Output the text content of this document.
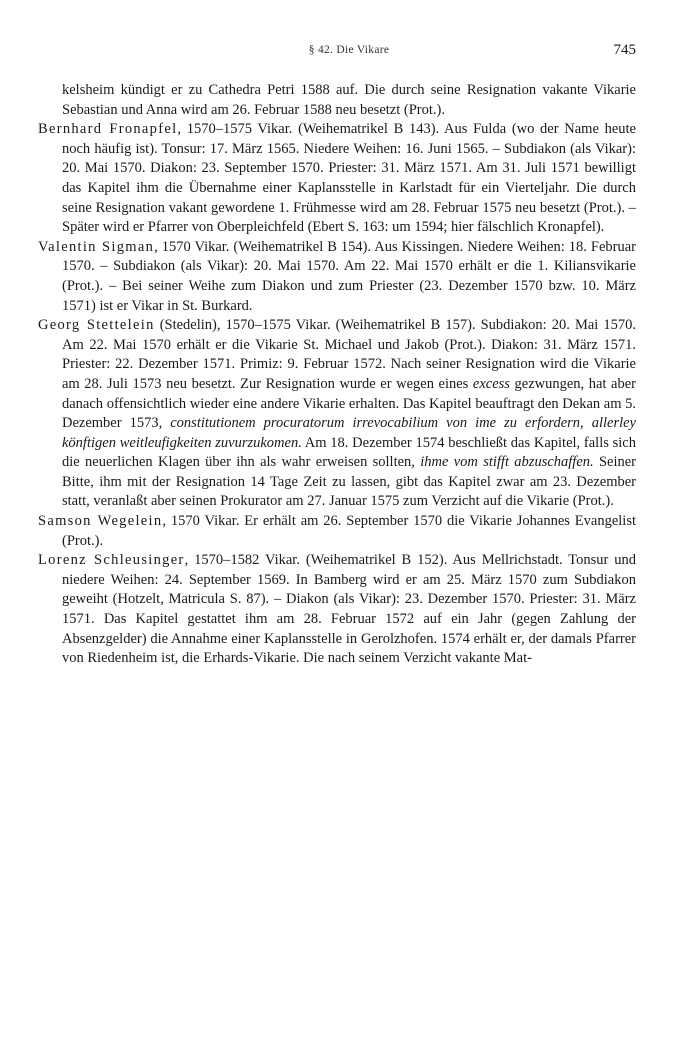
§ 42. Die Vikare	745

kelsheim kündigt er zu Cathedra Petri 1588 auf. Die durch seine Resignation vakante Vikarie Sebastian und Anna wird am 26. Februar 1588 neu besetzt (Prot.).

Bernhard Fronapfel, 1570–1575 Vikar. (Weihematrikel B 143). Aus Fulda (wo der Name heute noch häufig ist). Tonsur: 17. März 1565. Niedere Weihen: 16. Juni 1565. – Subdiakon (als Vikar): 20. Mai 1570. Diakon: 23. September 1570. Priester: 31. März 1571. Am 31. Juli 1571 bewilligt das Kapitel ihm die Übernahme einer Kaplansstelle in Karlstadt für ein Vierteljahr. Die durch seine Resignation vakant gewordene 1. Frühmesse wird am 28. Februar 1575 neu besetzt (Prot.). – Später wird er Pfarrer von Oberpleichfeld (Ebert S. 163: um 1594; hier fälschlich Kronapfel).

Valentin Sigman, 1570 Vikar. (Weihematrikel B 154). Aus Kissingen. Niedere Weihen: 18. Februar 1570. – Subdiakon (als Vikar): 20. Mai 1570. Am 22. Mai 1570 erhält er die 1. Kiliansvikarie (Prot.). – Bei seiner Weihe zum Diakon und zum Priester (23. Dezember 1570 bzw. 10. März 1571) ist er Vikar in St. Burkard.

Georg Stettelein (Stedelin), 1570–1575 Vikar. (Weihematrikel B 157). Subdiakon: 20. Mai 1570. Am 22. Mai 1570 erhält er die Vikarie St. Michael und Jakob (Prot.). Diakon: 31. März 1571. Priester: 22. Dezember 1571. Primiz: 9. Februar 1572. Nach seiner Resignation wird die Vikarie am 28. Juli 1573 neu besetzt. Zur Resignation wurde er wegen eines excess gezwungen, hat aber danach offensichtlich wieder eine andere Vikarie erhalten. Das Kapitel beauftragt den Dekan am 5. Dezember 1573, constitutionem procuratorum irrevocabilium von ime zu erfordern, allerley könftigen weitleufigkeiten zuvurzukomen. Am 18. Dezember 1574 beschließt das Kapitel, falls sich die neuerlichen Klagen über ihn als wahr erweisen sollten, ihme vom stifft abzuschaffen. Seiner Bitte, ihm mit der Resignation 14 Tage Zeit zu lassen, gibt das Kapitel zwar am 23. Dezember statt, veranlaßt aber seinen Prokurator am 27. Januar 1575 zum Verzicht auf die Vikarie (Prot.).

Samson Wegelein, 1570 Vikar. Er erhält am 26. September 1570 die Vikarie Johannes Evangelist (Prot.).

Lorenz Schleusinger, 1570–1582 Vikar. (Weihematrikel B 152). Aus Mellrichstadt. Tonsur und niedere Weihen: 24. September 1569. In Bamberg wird er am 25. März 1570 zum Subdiakon geweiht (Hotzelt, Matricula S. 87). – Diakon (als Vikar): 23. Dezember 1570. Priester: 31. März 1571. Das Kapitel gestattet ihm am 28. Februar 1572 auf ein Jahr (gegen Zahlung der Absenzgelder) die Annahme einer Kaplansstelle in Gerolzhofen. 1574 erhält er, der damals Pfarrer von Riedenheim ist, die Erhards-Vikarie. Die nach seinem Verzicht vakante Mat-
